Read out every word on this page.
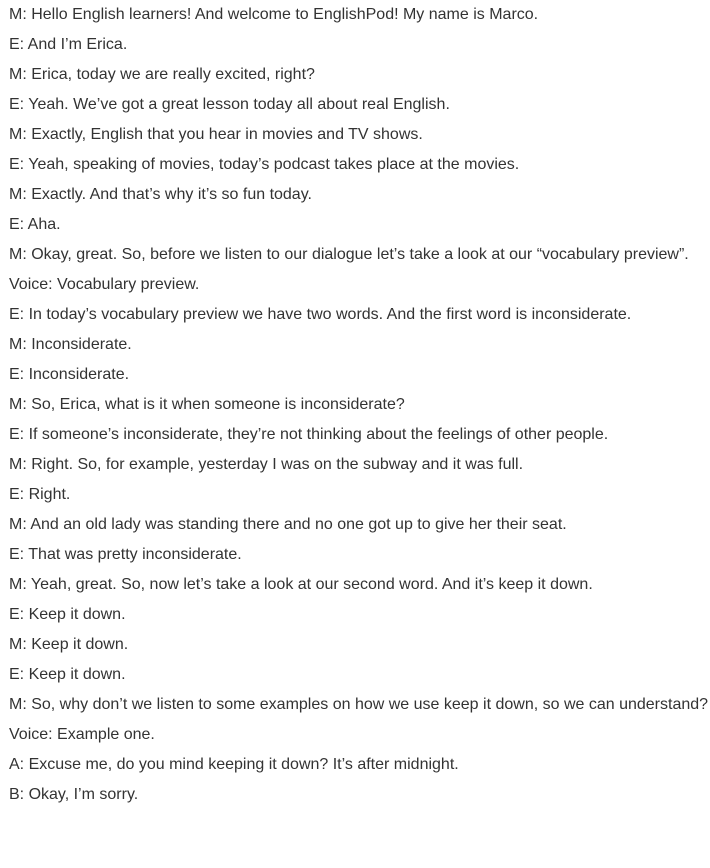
M: Hello English learners! And welcome to EnglishPod! My name is Marco.

E: And I’m Erica.

M: Erica, today we are really excited, right?

E: Yeah. We’ve got a great lesson today all about real English.

M: Exactly, English that you hear in movies and TV shows.

E: Yeah, speaking of movies, today’s podcast takes place at the movies.

M: Exactly. And that’s why it’s so fun today.

E: Aha.

M: Okay, great. So, before we listen to our dialogue let’s take a look at our “vocabulary preview”.

Voice: Vocabulary preview.

E: In today’s vocabulary preview we have two words. And the first word is inconsiderate.

M: Inconsiderate.

E: Inconsiderate.

M: So, Erica, what is it when someone is inconsiderate?

E: If someone’s inconsiderate, they’re not thinking about the feelings of other people.

M: Right. So, for example, yesterday I was on the subway and it was full.

E: Right.

M: And an old lady was standing there and no one got up to give her their seat.

E: That was pretty inconsiderate.

M: Yeah, great. So, now let’s take a look at our second word. And it’s keep it down.

E: Keep it down.

M: Keep it down.

E: Keep it down.

M: So, why don’t we listen to some examples on how we use keep it down, so we can understand?

Voice: Example one.

A: Excuse me, do you mind keeping it down? It’s after midnight.

B: Okay, I’m sorry.
